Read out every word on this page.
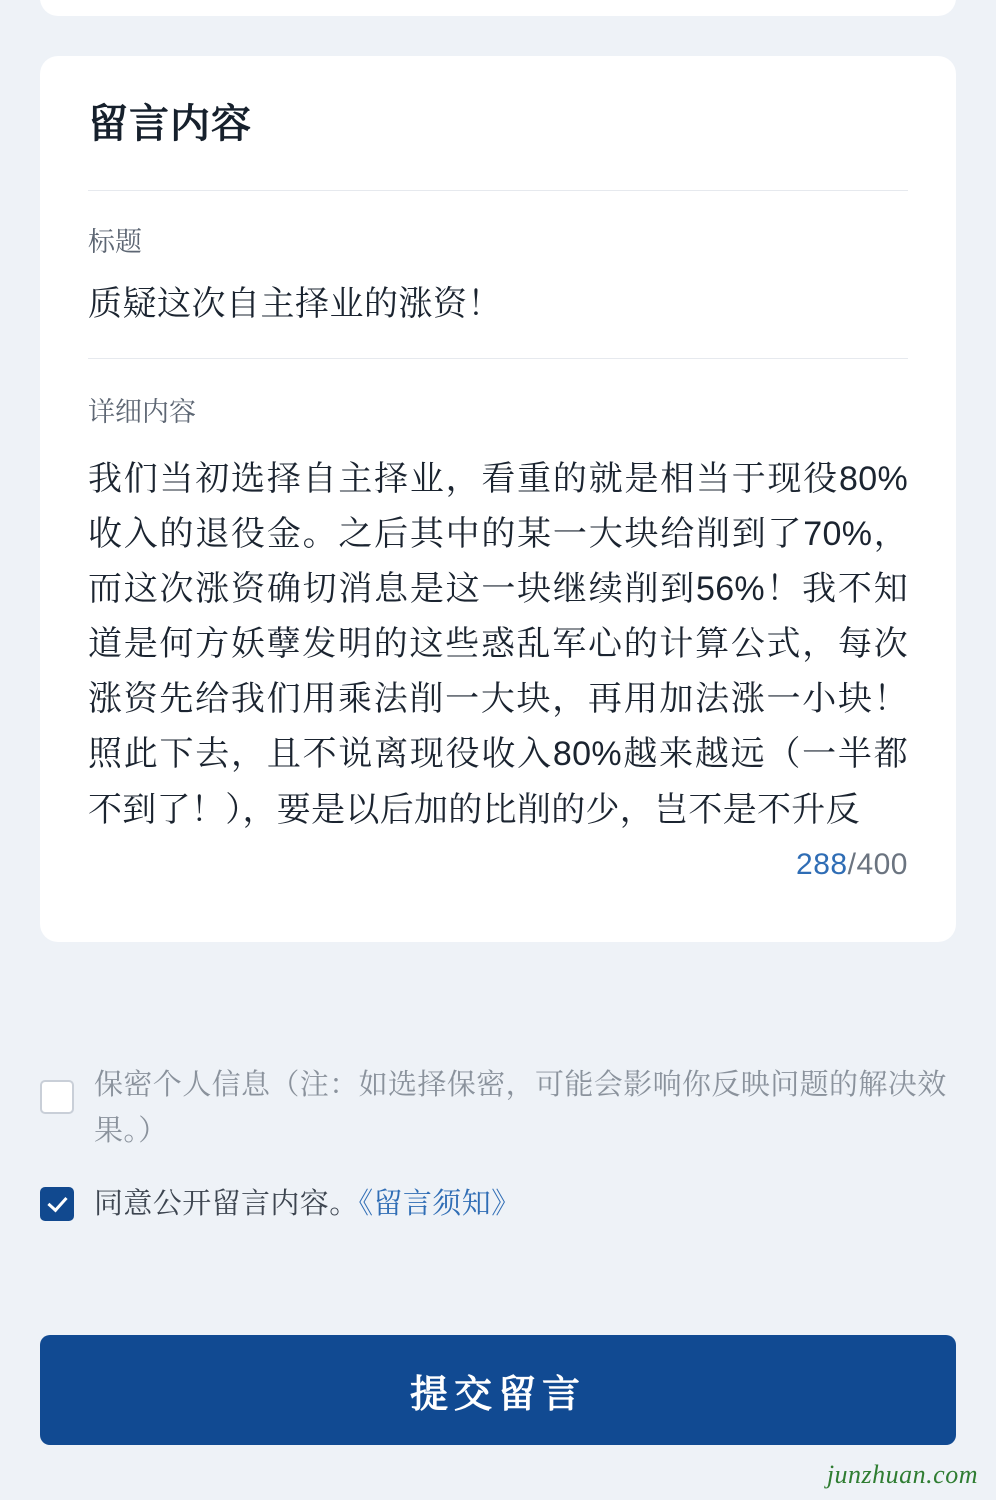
留言内容
标题
质疑这次自主择业的涨资！
详细内容
我们当初选择自主择业，看重的就是相当于现役80%收入的退役金。之后其中的某一大块给削到了70%，而这次涨资确切消息是这一块继续削到56%！我不知道是何方妖孽发明的这些惑乱军心的计算公式，每次涨资先给我们用乘法削一大块，再用加法涨一小块！照此下去，且不说离现役收入80%越来越远（一半都不到了！），要是以后加的比削的少，岂不是不升反
288/400
保密个人信息（注：如选择保密，可能会影响你反映问题的解决效果。）
同意公开留言内容。《留言须知》
提交留言
junzhuan.com
